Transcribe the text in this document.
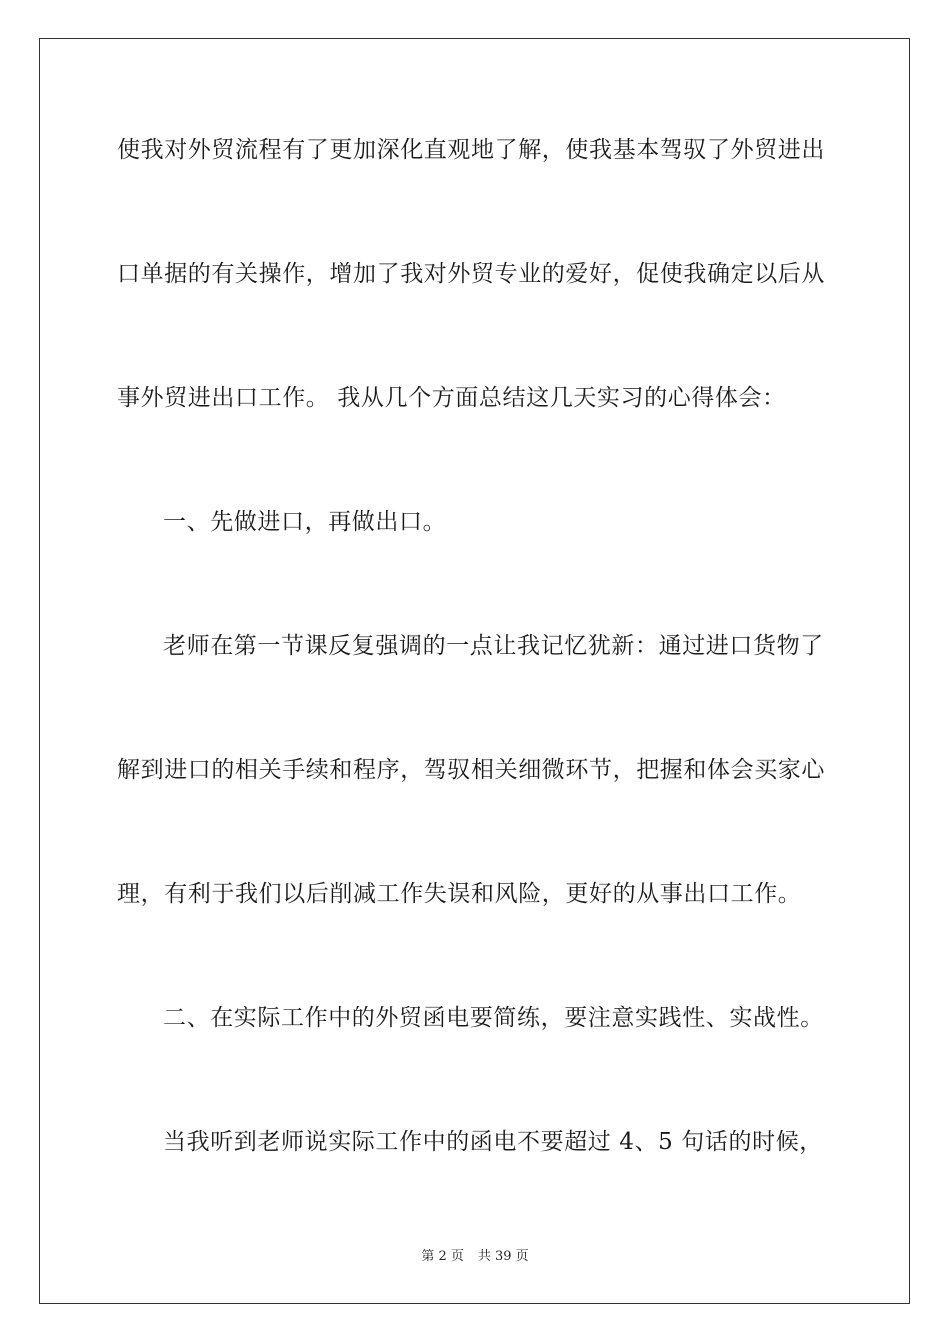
使我对外贸流程有了更加深化直观地了解，使我基本驾驭了外贸进出
口单据的有关操作，增加了我对外贸专业的爱好，促使我确定以后从
事外贸进出口工作。 我从几个方面总结这几天实习的心得体会：
一、先做进口，再做出口。
老师在第一节课反复强调的一点让我记忆犹新：通过进口货物了
解到进口的相关手续和程序，驾驭相关细微环节，把握和体会买家心
理，有利于我们以后削减工作失误和风险，更好的从事出口工作。
二、在实际工作中的外贸函电要简练，要注意实践性、实战性。
当我听到老师说实际工作中的函电不要超过 4、5 句话的时候，
第 2 页 共 39 页
